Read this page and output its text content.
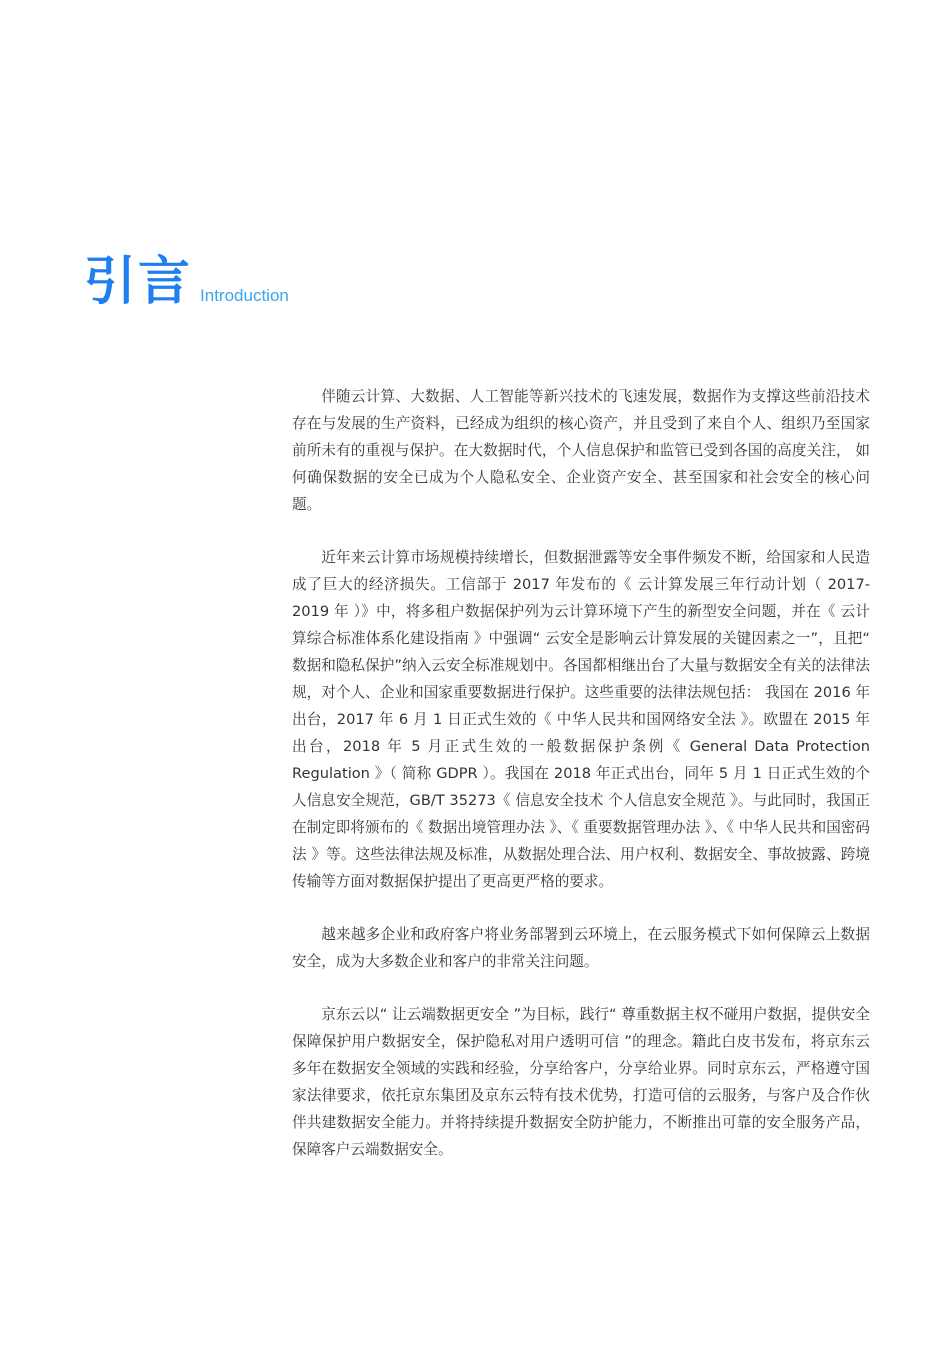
引言 Introduction

伴随云计算、大数据、人工智能等新兴技术的飞速发展，数据作为支撑这些前沿技术存在与发展的生产资料，已经成为组织的核心资产，并且受到了来自个人、组织乃至国家前所未有的重视与保护。在大数据时代，个人信息保护和监管已受到各国的高度关注， 如何确保数据的安全已成为个人隐私安全、企业资产安全、甚至国家和社会安全的核心问题。

近年来云计算市场规模持续增长，但数据泄露等安全事件频发不断，给国家和人民造成了巨大的经济损失。工信部于 2017 年发布的《 云计算发展三年行动计划（ 2017-2019 年 ）》中，将多租户数据保护列为云计算环境下产生的新型安全问题，并在《 云计算综合标准体系化建设指南 》中强调“ 云安全是影响云计算发展的关键因素之一”，且把“ 数据和隐私保护”纳入云安全标准规划中。各国都相继出台了大量与数据安全有关的法律法规，对个人、企业和国家重要数据进行保护。这些重要的法律法规包括： 我国在 2016 年出台，2017 年 6 月 1 日正式生效的《 中华人民共和国网络安全法 》。欧盟在 2015 年出台，2018 年 5 月正式生效的一般数据保护条例《 General Data Protection Regulation 》（ 简称 GDPR ）。我国在 2018 年正式出台，同年 5 月 1 日正式生效的个人信息安全规范，GB/T 35273《 信息安全技术 个人信息安全规范 》。与此同时，我国正在制定即将颁布的《 数据出境管理办法 》、《 重要数据管理办法 》、《 中华人民共和国密码法 》等。这些法律法规及标准，从数据处理合法、用户权利、数据安全、事故披露、跨境传输等方面对数据保护提出了更高更严格的要求。

越来越多企业和政府客户将业务部署到云环境上，在云服务模式下如何保障云上数据安全，成为大多数企业和客户的非常关注问题。

京东云以“ 让云端数据更安全 ”为目标，践行“ 尊重数据主权不碰用户数据，提供安全保障保护用户数据安全，保护隐私对用户透明可信 ”的理念。籍此白皮书发布，将京东云多年在数据安全领域的实践和经验，分享给客户，分享给业界。同时京东云，严格遵守国家法律要求，依托京东集团及京东云特有技术优势，打造可信的云服务，与客户及合作伙伴共建数据安全能力。并将持续提升数据安全防护能力，不断推出可靠的安全服务产品，保障客户云端数据安全。
